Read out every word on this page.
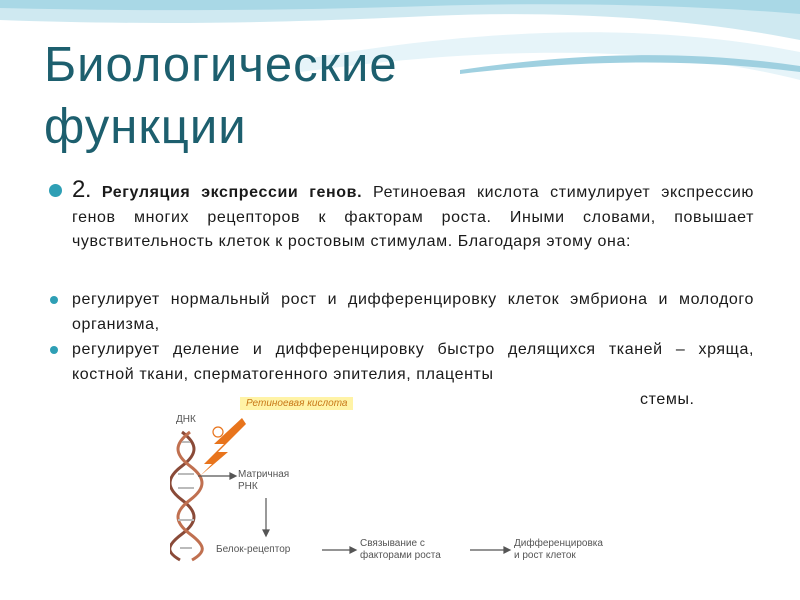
Биологические
функции
2. Регуляция экспрессии генов. Ретиноевая кислота стимулирует экспрессию генов многих рецепторов к факторам роста. Иными словами, повышает чувствительность клеток к ростовым стимулам. Благодаря этому она:
регулирует нормальный рост и дифференцировку клеток эмбриона и молодого организма,
регулирует деление и дифференцировку быстро делящихся тканей – хряща, костной ткани, сперматогенного эпителия, плаценты
стемы.
ДНК
Ретиноевая кислота
Матричная
РНК
Белок-рецептор
Связывание с
факторами роста
Дифференцировка
и рост клеток
